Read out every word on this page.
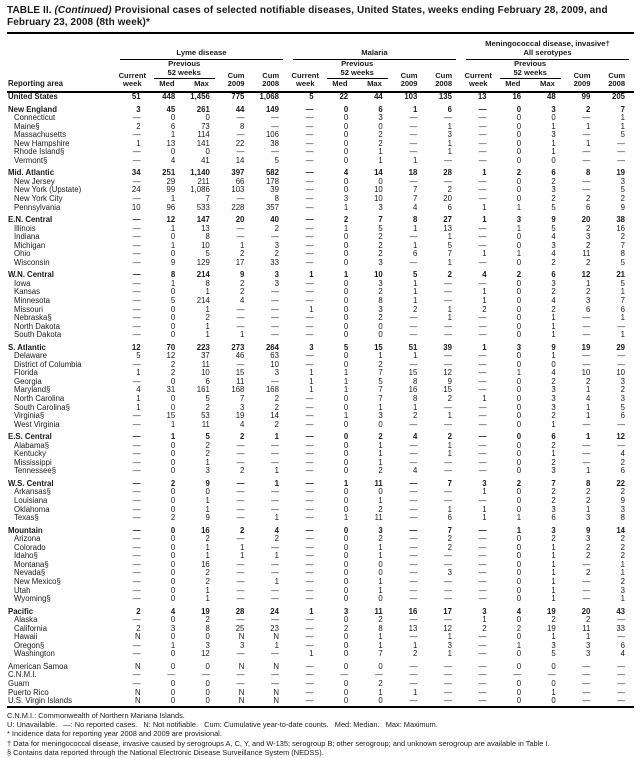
TABLE II. (Continued) Provisional cases of selected notifiable diseases, United States, weeks ending February 28, 2009, and February 23, 2008 (8th week)*
Reporting area	Lyme disease					Malaria					Meningococcal disease, invasive†
All serotypes				

Current
week

Previous
52 weeks	Cum
2009

Cum
2008

Current
week

Previous
52 weeks	Cum
2009

Cum
2008

Current
week

Previous
52 weeks	Cum
2009

Cum
2008

		Med	Max				Med	Max				Med	Max		
United States	51	448	1,456	775	1,068	5	22	44	103	135	13	16	48	99	205
New England	3	45	261	44	149	—	0	6	1	6	—	0	3	2	7
Connecticut	—	0	0	—	—	—	0	3	—	—	—	0	0	—	1
Maine§	2	6	73	8	—	—	0	0	—	1	—	0	1	1	1
Massachusetts	—	1	114	—	106	—	0	2	—	3	—	0	3	—	5
New Hampshire	1	13	141	22	38	—	0	2	—	1	—	0	1	1	—
Rhode Island§	—	0	0	—	—	—	0	1	—	1	—	0	1	—	—
Vermont§	—	4	41	14	5	—	0	1	1	—	—	0	0	—	—
Mid. Atlantic	34	251	1,140	397	582	—	4	14	18	28	1	2	6	8	19
New Jersey	—	29	211	66	178	—	0	0	—	—	—	0	2	—	3
New York (Upstate)	24	99	1,086	103	39	—	0	10	7	2	—	0	3	—	5
New York City	—	1	7	—	8	—	3	10	7	20	—	0	2	2	2
Pennsylvania	10	96	533	228	357	—	1	3	4	6	1	1	5	6	9
E.N. Central	—	12	147	20	40	—	2	7	8	27	1	3	9	20	38
Illinois	—	1	13	—	2	—	1	5	1	13	—	1	5	2	16
Indiana	—	0	8	—	—	—	0	2	—	1	—	0	4	3	2
Michigan	—	1	10	1	3	—	0	2	1	5	—	0	3	2	7
Ohio	—	0	5	2	2	—	0	2	6	7	1	1	4	11	8
Wisconsin	—	9	129	17	33	—	0	3	—	1	—	0	2	2	5
W.N. Central	—	8	214	9	3	1	1	10	5	2	4	2	6	12	21
Iowa	—	1	8	2	3	—	0	3	1	—	—	0	3	1	5
Kansas	—	0	1	2	—	—	0	2	1	—	1	0	2	2	1
Minnesota	—	5	214	4	—	—	0	8	1	—	1	0	4	3	7
Missouri	—	0	1	—	—	1	0	3	2	1	2	0	2	6	6
Nebraska§	—	0	2	—	—	—	0	2	—	1	—	0	1	—	1
North Dakota	—	0	1	—	—	—	0	0	—	—	—	0	1	—	—
South Dakota	—	0	1	1	—	—	0	0	—	—	—	0	1	—	1
S. Atlantic	12	70	223	273	264	3	5	15	51	39	1	3	9	19	29
Delaware	5	12	37	46	63	—	0	1	1	—	—	0	1	—	—
District of Columbia	—	2	11	—	10	—	0	2	—	—	—	0	0	—	—
Florida	1	2	10	15	3	1	1	7	15	12	—	1	4	10	10
Georgia	—	0	6	11	—	1	1	5	8	9	—	0	2	2	3
Maryland§	4	31	161	168	168	1	1	7	16	15	—	0	3	1	2
North Carolina	1	0	5	7	2	—	0	7	8	2	1	0	3	4	3
South Carolina§	1	0	2	3	2	—	0	1	1	—	—	0	3	1	5
Virginia§	—	15	53	19	14	—	1	3	2	1	—	0	2	1	6
West Virginia	—	1	11	4	2	—	0	0	—	—	—	0	1	—	—
E.S. Central	—	1	5	2	1	—	0	2	4	2	—	0	6	1	12
Alabama§	—	0	2	—	—	—	0	1	—	1	—	0	2	—	—
Kentucky	—	0	2	—	—	—	0	1	—	1	—	0	1	—	4
Mississippi	—	0	1	—	—	—	0	1	—	—	—	0	2	—	2
Tennessee§	—	0	3	2	1	—	0	2	4	—	—	0	3	1	6
W.S. Central	—	2	9	—	1	—	1	11	—	7	3	2	7	8	22
Arkansas§	—	0	0	—	—	—	0	0	—	—	1	0	2	2	2
Louisiana	—	0	1	—	—	—	0	1	—	—	—	0	2	2	9
Oklahoma	—	0	1	—	—	—	0	2	—	1	1	0	3	1	3
Texas§	—	2	9	—	1	—	1	11	—	6	1	1	6	3	8
Mountain	—	0	16	2	4	—	0	3	—	7	—	1	3	9	14
Arizona	—	0	2	—	2	—	0	2	—	2	—	0	2	3	2
Colorado	—	0	1	1	—	—	0	1	—	2	—	0	1	2	2
Idaho§	—	0	1	1	1	—	0	1	—	—	—	0	1	2	2
Montana§	—	0	16	—	—	—	0	0	—	—	—	0	1	—	1
Nevada§	—	0	2	—	—	—	0	0	—	3	—	0	1	2	1
New Mexico§	—	0	2	—	1	—	0	1	—	—	—	0	1	—	2
Utah	—	0	1	—	—	—	0	1	—	—	—	0	1	—	3
Wyoming§	—	0	1	—	—	—	0	0	—	—	—	0	1	—	1
Pacific	2	4	19	28	24	1	3	11	16	17	3	4	19	20	43
Alaska	—	0	2	—	—	—	0	2	—	—	1	0	2	2	—
California	2	3	8	25	23	—	2	8	13	12	2	2	19	11	33
Hawaii	N	0	0	N	N	—	0	1	—	1	—	0	1	1	—
Oregon§	—	1	3	3	1	—	0	1	1	3	—	1	3	3	6
Washington	—	0	12	—	—	1	0	7	2	1	—	0	5	3	4
American Samoa	N	0	0	N	N	—	0	0	—	—	—	0	0	—	—
C.N.M.I.	—	—	—	—	—	—	—	—	—	—	—	—	—	—	—
Guam	—	0	0	—	—	—	0	2	—	—	—	0	0	—	—
Puerto Rico	N	0	0	N	N	—	0	1	1	—	—	0	1	—	—
U.S. Virgin Islands	N	0	0	N	N	—	0	0	—	—	—	0	0	—	—
C.N.M.I.: Commonwealth of Northern Mariana Islands.
U: Unavailable.   —: No reported cases.   N: Not notifiable.   Cum: Cumulative year-to-date counts.   Med: Median.   Max: Maximum.
* Incidence data for reporting year 2008 and 2009 are provisional.
† Data for meningococcal disease, invasive caused by serogroups A, C, Y, and W-135; serogroup B; other serogroup; and unknown serogroup are available in Table I.
§ Contains data reported through the National Electronic Disease Surveillance System (NEDSS).
